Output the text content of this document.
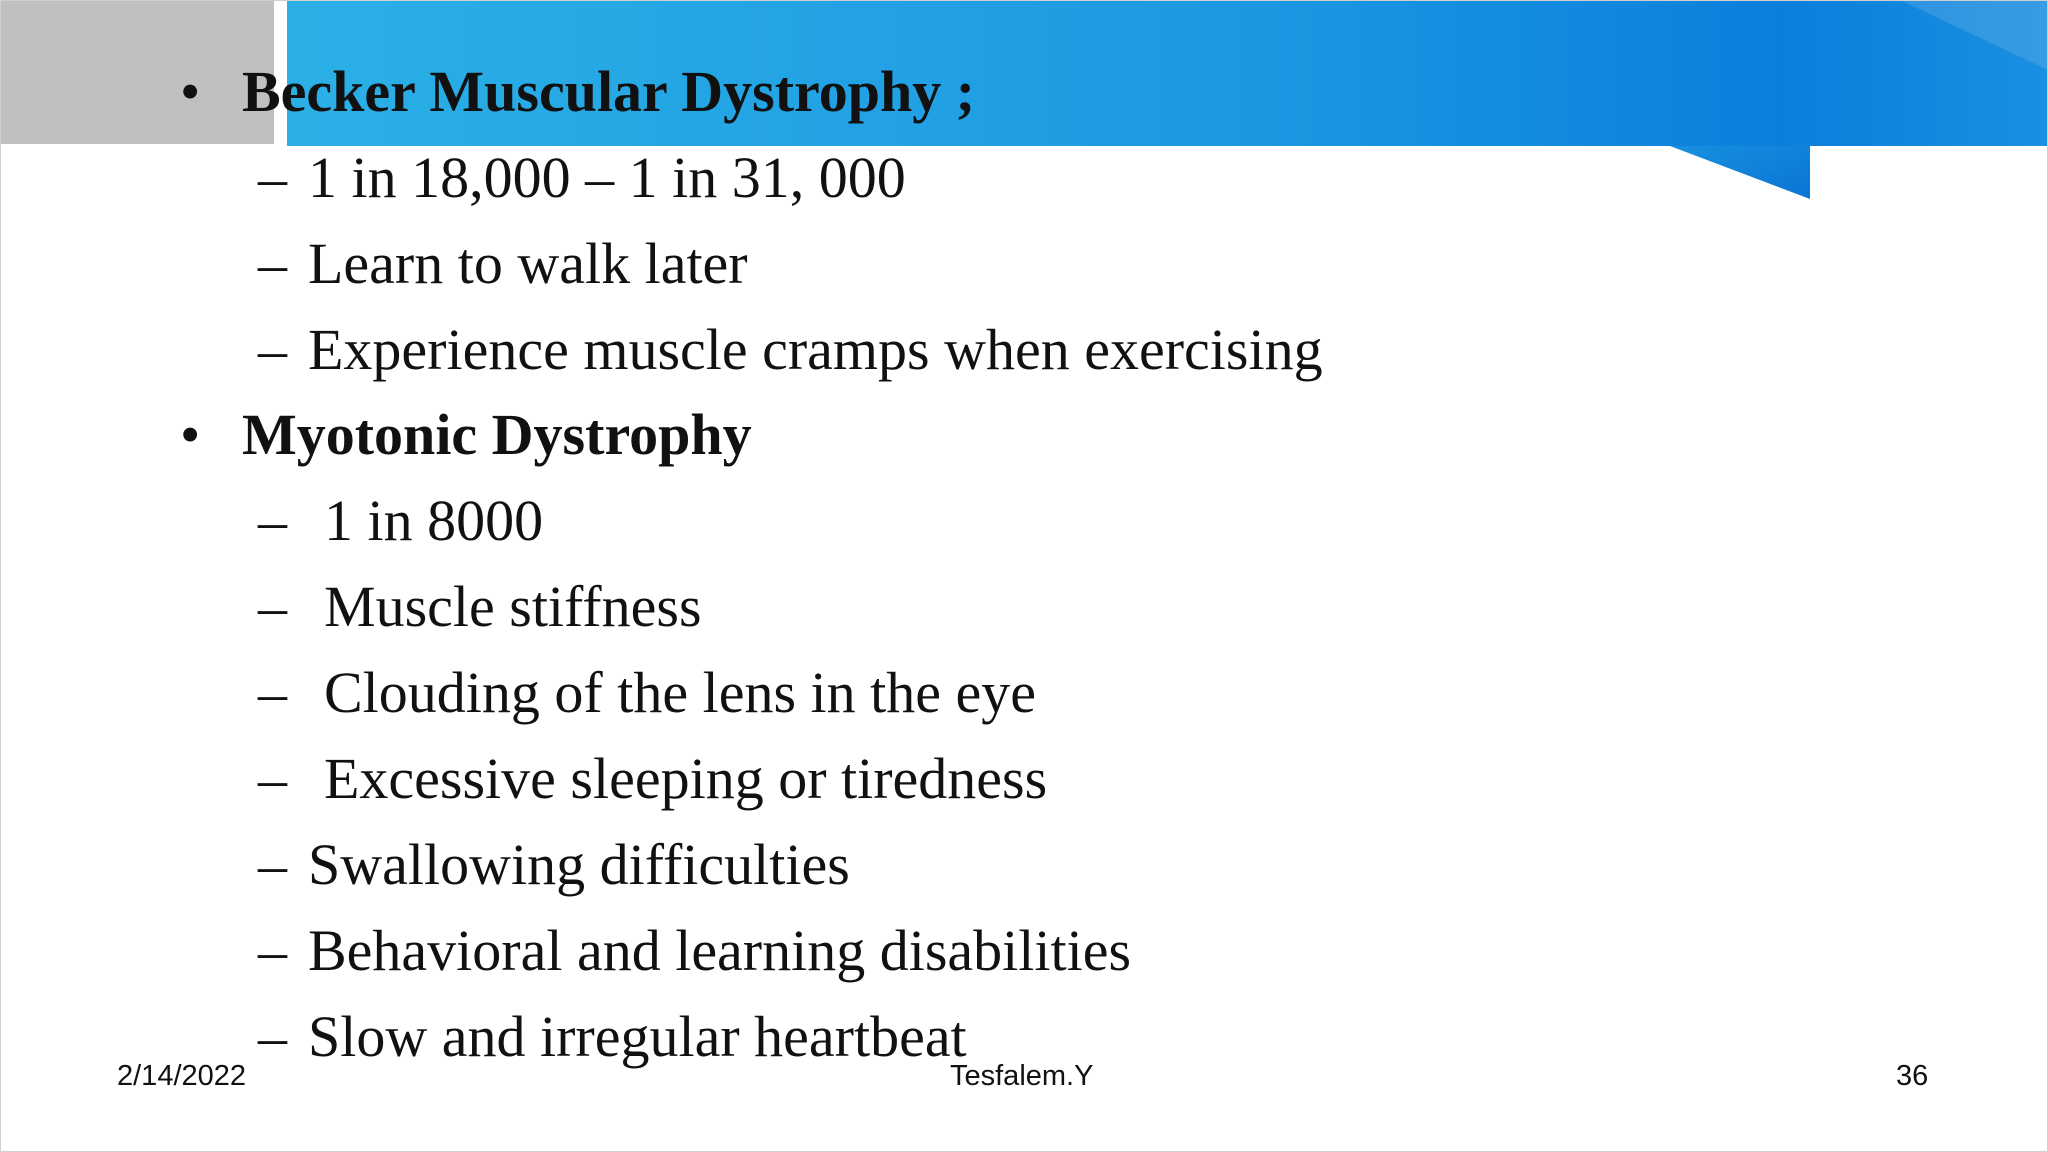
• Becker Muscular Dystrophy ;
– 1 in 18,000 – 1 in 31, 000
– Learn to walk later
– Experience muscle cramps when exercising
• Myotonic Dystrophy
– 1 in 8000
– Muscle stiffness
– Clouding of the lens in the eye
– Excessive sleeping or tiredness
– Swallowing difficulties
– Behavioral and learning disabilities
– Slow and irregular heartbeat
2/14/2022	Tesfalem.Y	36
